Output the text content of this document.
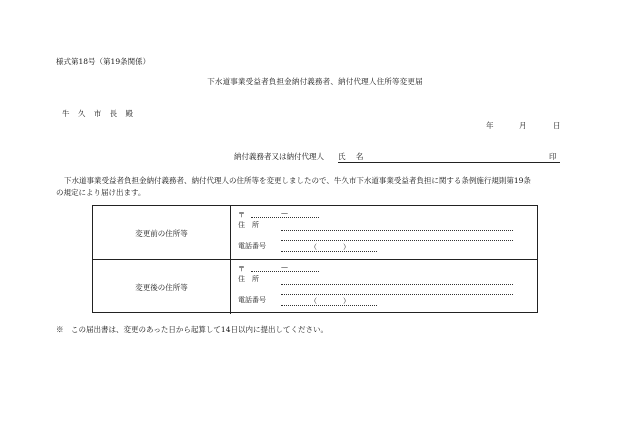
様式第18号（第19条関係）
下水道事業受益者負担金納付義務者、納付代理人住所等変更届
牛 久 市 長 殿
年	月	日
納付義務者又は納付代理人 氏 名	印

下水道事業受益者負担金納付義務者、納付代理人の住所等を変更しましたので、牛久市下水道事業受益者負担に関する条例施行規則第19条

の規定により届け出ます。

変更前の住所等
〒	—
住　所
電話番号	（	）
変更後の住所等
〒	—
住　所
電話番号	（	）
※　この届出書は、変更のあった日から起算して14日以内に提出してください。
